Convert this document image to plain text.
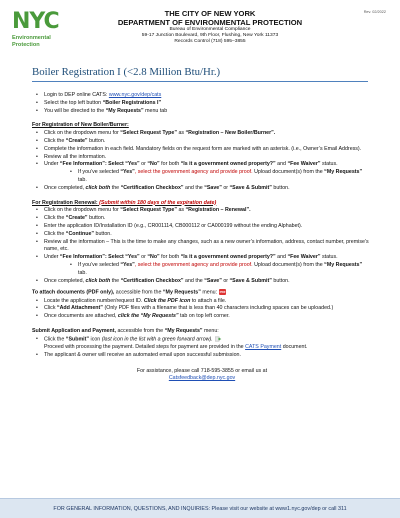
NYC
Environmental
Protection
Rev. 02/2022
THE CITY OF NEW YORK
DEPARTMENT OF ENVIRONMENTAL PROTECTION
Bureau of Environmental Compliance
59-17 Junction Boulevard, 9th Floor, Flushing, New York 11373
Records Control (718) 595–3855
Boiler Registration I (<2.8 Million Btu/Hr.)
• Login to DEP online CATS: www.nyc.gov/dep/cats
• Select the top left button “Boiler Registrations I”
• You will be directed to the “My Requests” menu tab
For Registration of New Boiler/Burner:
• Click on the dropdown menu for “Select Request Type” as “Registration – New Boiler/Burner”.
• Click the “Create” button.
• Complete the information in each field. Mandatory fields on the request form are marked with an asterisk. (i.e., Owner’s Email Address).
• Review all the information.
• Under “Fee Information”: Select “Yes” or “No” for both “Is it a government owned property?” and “Fee Waiver” status.
• If you’ve selected “Yes”, select the government agency and provide proof. Upload document(s) from the “My Requests” tab.
• Once completed, click both the “Certification Checkbox” and the “Save” or “Save & Submit” button.
For Registration Renewal: (Submit within 180 days of the expiration date)
• Click on the dropdown menu for “Select Request Type” as “Registration – Renewal”.
• Click the “Create” button.
• Enter the application ID/Installation ID (e.g., CR001114, CB000112 or CA000199 without the ending Alphabet).
• Click the “Continue” button.
• Review all the information – This is the time to make any changes, such as a new owner’s information, address, contact number, premise’s name, etc.
• Under “Fee Information”: Select “Yes” or “No” for both “Is it a government owned property?” and “Fee Waiver” status.
• If you’ve selected “Yes”, select the government agency and provide proof. Upload document(s) from the “My Requests” tab.
• Once completed, click both the “Certification Checkbox” and the “Save” or “Save & Submit” button.
To attach documents (PDF only), accessible from the “My Requests” menu: PDF
• Locate the application number/request ID. Click the PDF icon to attach a file.
• Click “Add Attachment” (Only PDF files with a filename that is less than 40 characters including spaces can be uploaded.)
• Once documents are attached, click the “My Requests” tab on top left corner.
Submit Application and Payment, accessible from the “My Requests” menu:
• Click the “Submit” icon (last icon in the list with a green forward arrow).
Proceed with processing the payment. Detailed steps for payment are provided in the CATS Payment document.
• The applicant & owner will receive an automated email upon successful submission.
For assistance, please call 718-595-3855 or email us at
Catsfeedback@dep.nyc.gov
FOR GENERAL INFORMATION, QUESTIONS, AND INQUIRIES: Please visit our website at www1.nyc.gov/dep or call 311
